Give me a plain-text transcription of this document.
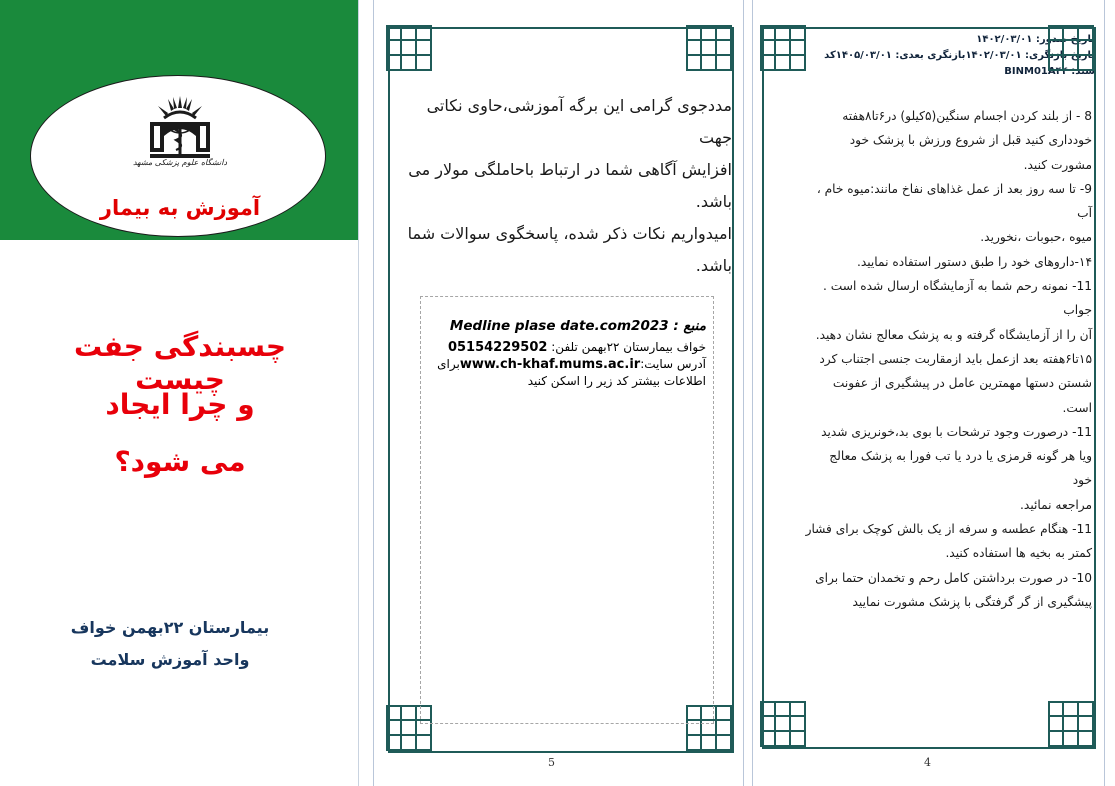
تاریخ صدور: ۱۴۰۲/۰۳/۰۱
تاریخ بازنگری: ۱۴۰۲/۰۳/۰۱بازنگری بعدی: ۱۴۰۵/۰۳/۰۱کد
سند: BINM01A۴۴
دانشگاه علوم پزشکی مشهد
آموزش به بیمار
چسبندگی جفت چیست
و چرا ایجاد
می شود؟
بیمارستان ۲۲بهمن خواف
واحد آموزش سلامت

مددجوی گرامی این برگه آموزشی،حاوی نکاتی جهت

افزایش آگاهی شما در ارتباط باحاملگی مولار می باشد.

امیدواریم نکات ذکر شده، پاسخگوی سوالات شما باشد.

منبع : Medline plase date.com2023
خواف بیمارستان ۲۲بهمن تلفن: 05154229502
آدرس سایت:www.ch-khaf.mums.ac.irبرای
اطلاعات بیشتر کد زیر را اسکن کنید
5
8 - از بلند کردن اجسام سنگین(۵کیلو) در۶تا۸هفته
خودداری کنید قبل از شروع ورزش با پزشک خود
مشورت کنید.
9- تا سه روز بعد از عمل غذاهای نفاخ مانند:میوه خام ،
آب
میوه ،حبوبات ،نخورید.
۱۴-داروهای خود را طبق دستور استفاده نمایید.
11- نمونه رحم شما به آزمایشگاه ارسال شده است .
جواب
آن را از آزمایشگاه گرفته و به پزشک معالج نشان دهید.
۱۵تا۶هفته بعد ازعمل باید ازمقاربت جنسی اجتناب کرد
شستن دستها مهمترین عامل در پیشگیری از عفونت
است.
11- درصورت وجود ترشحات با بوی بد،خونریزی شدید
ویا هر گونه قرمزی یا درد یا تب فورا به پزشک معالج
خود
مراجعه نمائید.
11- هنگام عطسه و سرفه از یک بالش کوچک برای فشار
کمتر به بخیه ها استفاده کنید.
10- در صورت برداشتن کامل رحم و تخمدان حتما برای
پیشگیری از گر گرفتگی با پزشک مشورت نمایید
4
